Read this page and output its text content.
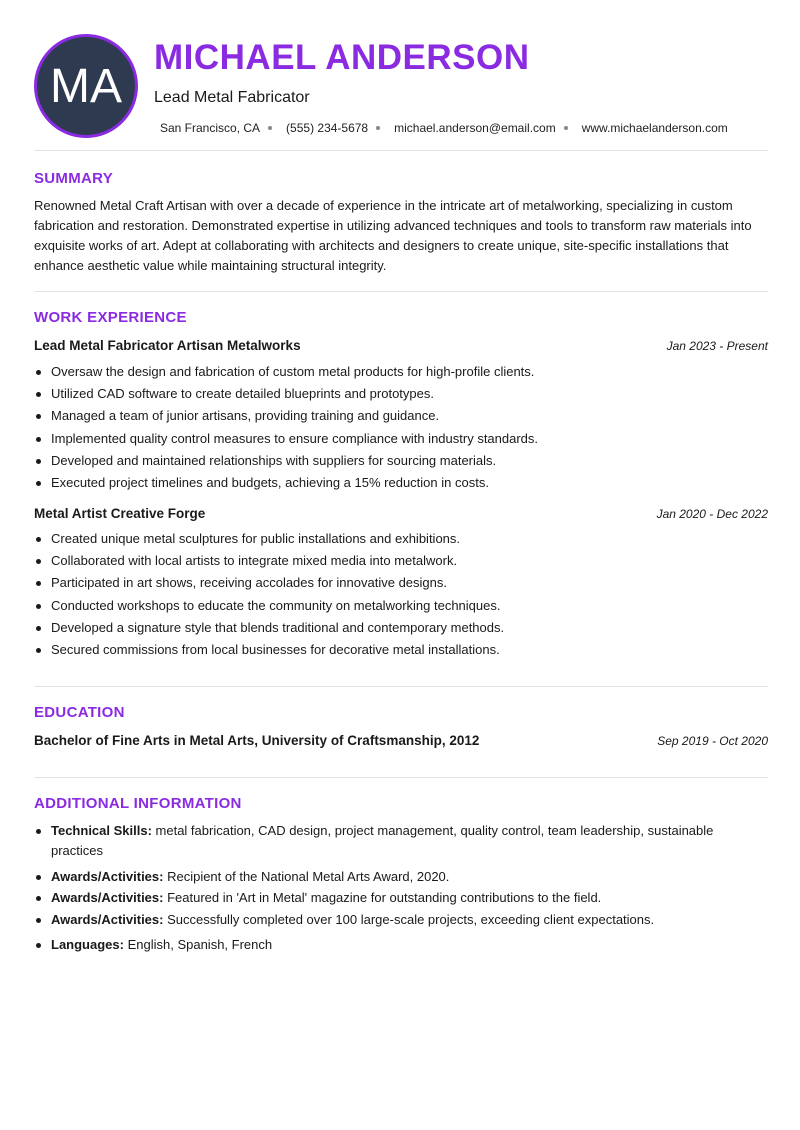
MA
MICHAEL ANDERSON
Lead Metal Fabricator
San Francisco, CA (555) 234-5678 michael.anderson@email.com www.michaelanderson.com
SUMMARY
Renowned Metal Craft Artisan with over a decade of experience in the intricate art of metalworking, specializing in custom fabrication and restoration. Demonstrated expertise in utilizing advanced techniques and tools to transform raw materials into exquisite works of art. Adept at collaborating with architects and designers to create unique, site-specific installations that enhance aesthetic value while maintaining structural integrity.
WORK EXPERIENCE
Lead Metal Fabricator Artisan Metalworks	Jan 2023 - Present
Oversaw the design and fabrication of custom metal products for high-profile clients.
Utilized CAD software to create detailed blueprints and prototypes.
Managed a team of junior artisans, providing training and guidance.
Implemented quality control measures to ensure compliance with industry standards.
Developed and maintained relationships with suppliers for sourcing materials.
Executed project timelines and budgets, achieving a 15% reduction in costs.
Metal Artist Creative Forge	Jan 2020 - Dec 2022
Created unique metal sculptures for public installations and exhibitions.
Collaborated with local artists to integrate mixed media into metalwork.
Participated in art shows, receiving accolades for innovative designs.
Conducted workshops to educate the community on metalworking techniques.
Developed a signature style that blends traditional and contemporary methods.
Secured commissions from local businesses for decorative metal installations.
EDUCATION
Bachelor of Fine Arts in Metal Arts, University of Craftsmanship, 2012	Sep 2019 - Oct 2020
ADDITIONAL INFORMATION
Technical Skills: metal fabrication, CAD design, project management, quality control, team leadership, sustainable practices
Awards/Activities: Recipient of the National Metal Arts Award, 2020.
Awards/Activities: Featured in 'Art in Metal' magazine for outstanding contributions to the field.
Awards/Activities: Successfully completed over 100 large-scale projects, exceeding client expectations.
Languages: English, Spanish, French
